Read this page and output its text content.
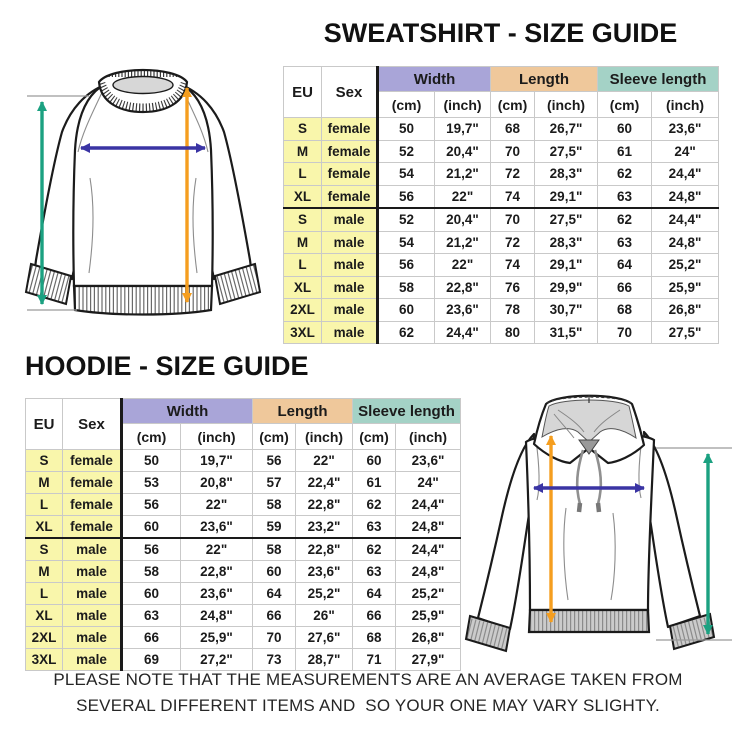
SWEATSHIRT - SIZE GUIDE
EU	Sex	Width		Length		Sleeve length	
		(cm)	(inch)	(cm)	(inch)	(cm)	(inch)
S	female	50	19,7"	68	26,7"	60	23,6"
M	female	52	20,4"	70	27,5"	61	24"
L	female	54	21,2"	72	28,3"	62	24,4"
XL	female	56	22"	74	29,1"	63	24,8"
S	male	52	20,4"	70	27,5"	62	24,4"
M	male	54	21,2"	72	28,3"	63	24,8"
L	male	56	22"	74	29,1"	64	25,2"
XL	male	58	22,8"	76	29,9"	66	25,9"
2XL	male	60	23,6"	78	30,7"	68	26,8"
3XL	male	62	24,4"	80	31,5"	70	27,5"
HOODIE - SIZE GUIDE
EU	Sex	Width		Length		Sleeve length	
		(cm)	(inch)	(cm)	(inch)	(cm)	(inch)
S	female	50	19,7"	56	22"	60	23,6"
M	female	53	20,8"	57	22,4"	61	24"
L	female	56	22"	58	22,8"	62	24,4"
XL	female	60	23,6"	59	23,2"	63	24,8"
S	male	56	22"	58	22,8"	62	24,4"
M	male	58	22,8"	60	23,6"	63	24,8"
L	male	60	23,6"	64	25,2"	64	25,2"
XL	male	63	24,8"	66	26"	66	25,9"
2XL	male	66	25,9"	70	27,6"	68	26,8"
3XL	male	69	27,2"	73	28,7"	71	27,9"
PLEASE NOTE THAT THE MEASUREMENTS ARE AN AVERAGE TAKEN FROM
SEVERAL DIFFERENT ITEMS AND  SO YOUR ONE MAY VARY SLIGHTY.
